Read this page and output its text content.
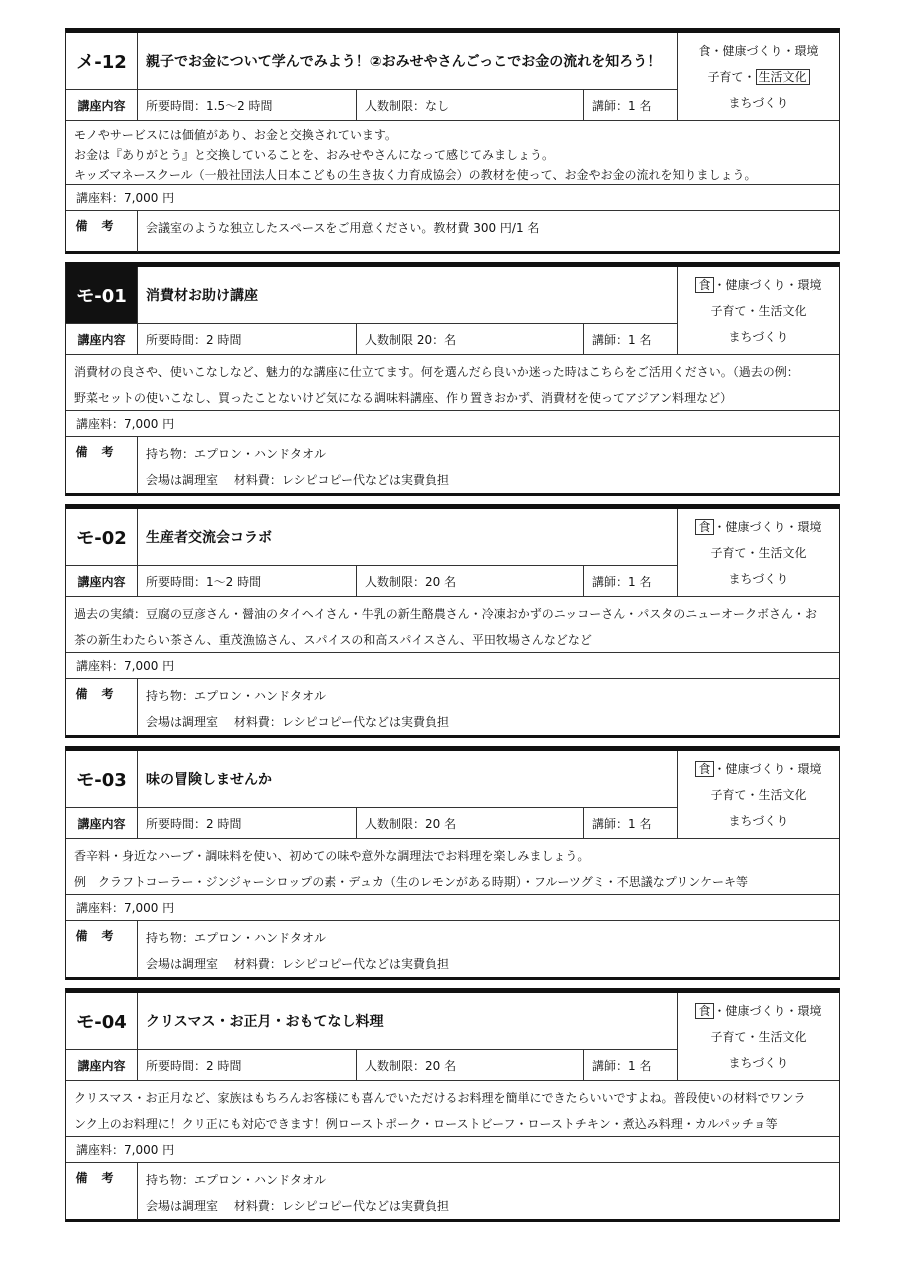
メ-12	親子でお金について学んでみよう！②おみせやさんごっこでお金の流れを知ろう！
講座内容	所要時間：1.5〜2 時間	人数制限：なし	講師：1 名
食・健康づくり・環境
子育て・ 生活文化
まちづくり
モノやサービスには価値があり、お金と交換されています。
お金は『ありがとう』と交換していることを、おみせやさんになって感じてみましょう。
キッズマネースクール（一般社団法人日本こどもの生き抜く力育成協会）の教材を使って、お金やお金の流れを知りましょう。
講座料：7,000 円
備考	会議室のような独立したスペースをご用意ください。教材費 300 円/1 名
モ-01	消費材お助け講座
講座内容	所要時間：2 時間	人数制限 20：名	講師：1 名
食 ・健康づくり・環境
子育て・生活文化
まちづくり
消費材の良さや、使いこなしなど、魅力的な講座に仕立てます。何を選んだら良いか迷った時はこちらをご活用ください。（過去の例：
野菜セットの使いこなし、買ったことないけど気になる調味料講座、作り置きおかず、消費材を使ってアジアン料理など）
講座料：7,000 円
備考	持ち物：エプロン・ハンドタオル
会場は調理室　 材料費：レシピコピー代などは実費負担
モ-02	生産者交流会コラボ
講座内容	所要時間：1〜2 時間	人数制限：20 名	講師：1 名
食 ・健康づくり・環境
子育て・生活文化
まちづくり
過去の実績：豆腐の豆彦さん・醤油のタイヘイさん・牛乳の新生酪農さん・冷凍おかずのニッコーさん・パスタのニューオークボさん・お
茶の新生わたらい茶さん、重茂漁協さん、スパイスの和高スパイスさん、平田牧場さんなどなど
講座料：7,000 円
備考	持ち物：エプロン・ハンドタオル
会場は調理室　 材料費：レシピコピー代などは実費負担
モ-03	味の冒険しませんか
講座内容	所要時間：2 時間	人数制限：20 名	講師：1 名
食 ・健康づくり・環境
子育て・生活文化
まちづくり
香辛料・身近なハーブ・調味料を使い、初めての味や意外な調理法でお料理を楽しみましょう。
例　クラフトコーラー・ジンジャーシロップの素・デュカ（生のレモンがある時期）・フルーツグミ・不思議なプリンケーキ等
講座料：7,000 円
備考	持ち物：エプロン・ハンドタオル
会場は調理室　 材料費：レシピコピー代などは実費負担
モ-04	クリスマス・お正月・おもてなし料理
講座内容	所要時間：2 時間	人数制限：20 名	講師：1 名
食 ・健康づくり・環境
子育て・生活文化
まちづくり
クリスマス・お正月など、家族はもちろんお客様にも喜んでいただけるお料理を簡単にできたらいいですよね。普段使いの材料でワンラ
ンク上のお料理に！クリ正にも対応できます！例ローストポーク・ローストビーフ・ローストチキン・煮込み料理・カルパッチョ等
講座料：7,000 円
備考	持ち物：エプロン・ハンドタオル
会場は調理室　 材料費：レシピコピー代などは実費負担
